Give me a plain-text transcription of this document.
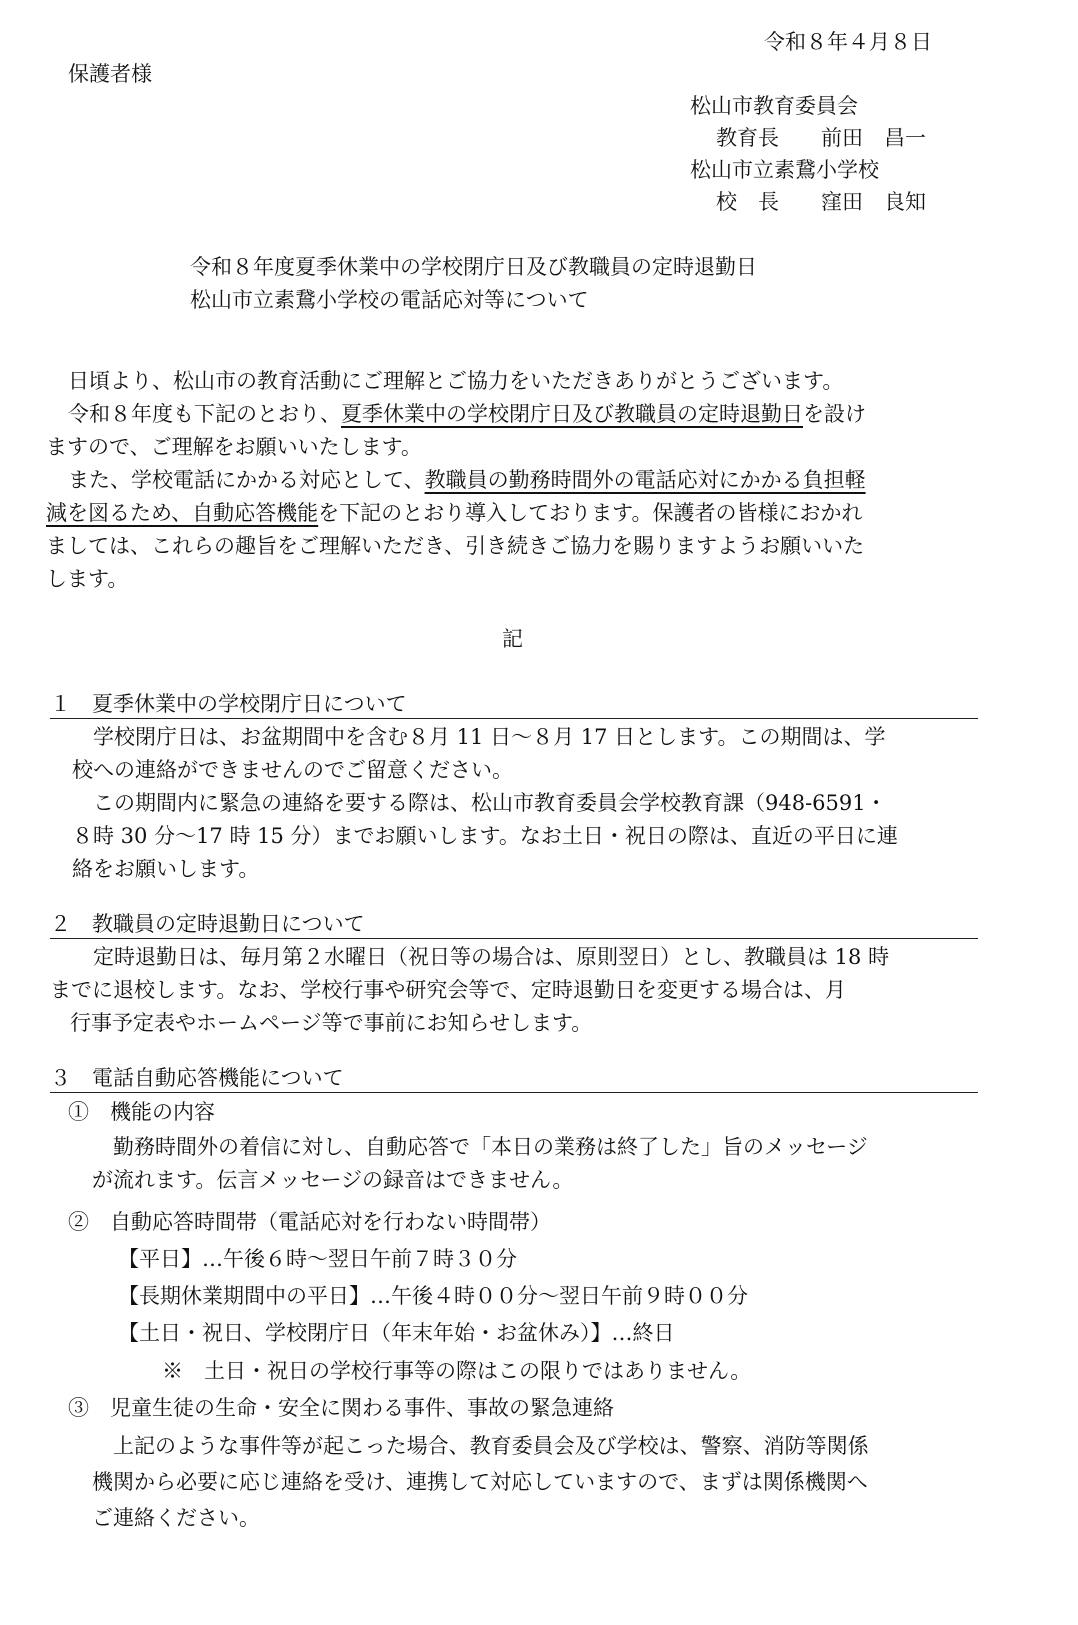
令和８年４月８日
保護者様
松山市教育委員会
教育長　　前田　昌一
松山市立素鵞小学校
校　長　　窪田　良知
令和８年度夏季休業中の学校閉庁日及び教職員の定時退勤日
松山市立素鵞小学校の電話応対等について
日頃より、松山市の教育活動にご理解とご協力をいただきありがとうございます。
令和８年度も下記のとおり、夏季休業中の学校閉庁日及び教職員の定時退勤日を設け
ますので、ご理解をお願いいたします。
また、学校電話にかかる対応として、教職員の勤務時間外の電話応対にかかる負担軽
減を図るため、自動応答機能を下記のとおり導入しております。保護者の皆様におかれ
ましては、これらの趣旨をご理解いただき、引き続きご協力を賜りますようお願いいた
します。
記
１　夏季休業中の学校閉庁日について
　学校閉庁日は、お盆期間中を含む８月 11 日～８月 17 日とします。この期間は、学
校への連絡ができませんのでご留意ください。
　この期間内に緊急の連絡を要する際は、松山市教育委員会学校教育課（948-6591・
８時 30 分～17 時 15 分）までお願いします。なお土日・祝日の際は、直近の平日に連
絡をお願いします。
２　教職員の定時退勤日について
　定時退勤日は、毎月第２水曜日（祝日等の場合は、原則翌日）とし、教職員は 18 時
までに退校します。なお、学校行事や研究会等で、定時退勤日を変更する場合は、月
行事予定表やホームページ等で事前にお知らせします。
３　電話自動応答機能について
①　機能の内容
　勤務時間外の着信に対し、自動応答で「本日の業務は終了した」旨のメッセージ
が流れます。伝言メッセージの録音はできません。
②　自動応答時間帯（電話応対を行わない時間帯）
【平日】…午後６時～翌日午前７時３０分
【長期休業期間中の平日】…午後４時００分～翌日午前９時００分
【土日・祝日、学校閉庁日（年末年始・お盆休み）】…終日
※　土日・祝日の学校行事等の際はこの限りではありません。
③　児童生徒の生命・安全に関わる事件、事故の緊急連絡
　上記のような事件等が起こった場合、教育委員会及び学校は、警察、消防等関係
機関から必要に応じ連絡を受け、連携して対応していますので、まずは関係機関へ
ご連絡ください。
